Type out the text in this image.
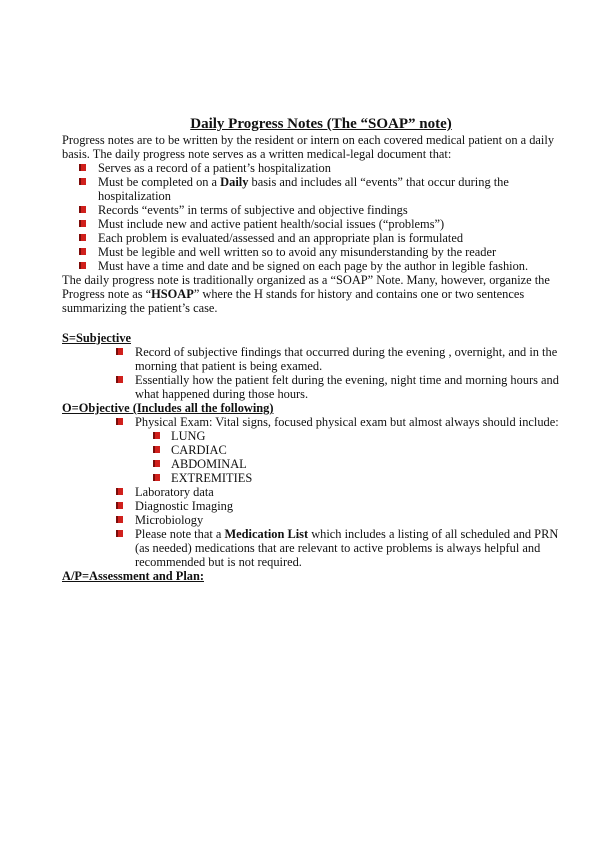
Daily Progress Notes (The “SOAP” note)

Progress notes are to be written by the resident or intern on each covered medical patient on a daily basis. The daily progress note serves as a written medical-legal document that:

Serves as a record of a patient’s hospitalization
Must be completed on a Daily basis and includes all “events” that occur during the hospitalization
Records “events” in terms of subjective and objective findings
Must include new and active patient health/social issues (“problems”)
Each problem is evaluated/assessed and an appropriate plan is formulated
Must be legible and well written so to avoid any misunderstanding by the reader
Must have a time and date and be signed on each page by the author in legible fashion.

The daily progress note is traditionally organized as a “SOAP” Note. Many, however, organize the Progress note as “HSOAP” where the H stands for history and contains one or two sentences summarizing the patient’s case.

S=Subjective

Record of subjective findings that occurred during the evening , overnight, and in the morning that patient is being examed.
Essentially how the patient felt during the evening, night time and morning hours and what happened during those hours.

O=Objective (Includes all the following)

Physical Exam: Vital signs, focused physical exam but almost always should include:
LUNG
CARDIAC
ABDOMINAL
EXTREMITIES
Laboratory data
Diagnostic Imaging
Microbiology
Please note that a Medication List which includes a listing of all scheduled and PRN (as needed) medications that are relevant to active problems is always helpful and recommended but is not required.

A/P=Assessment and Plan:
